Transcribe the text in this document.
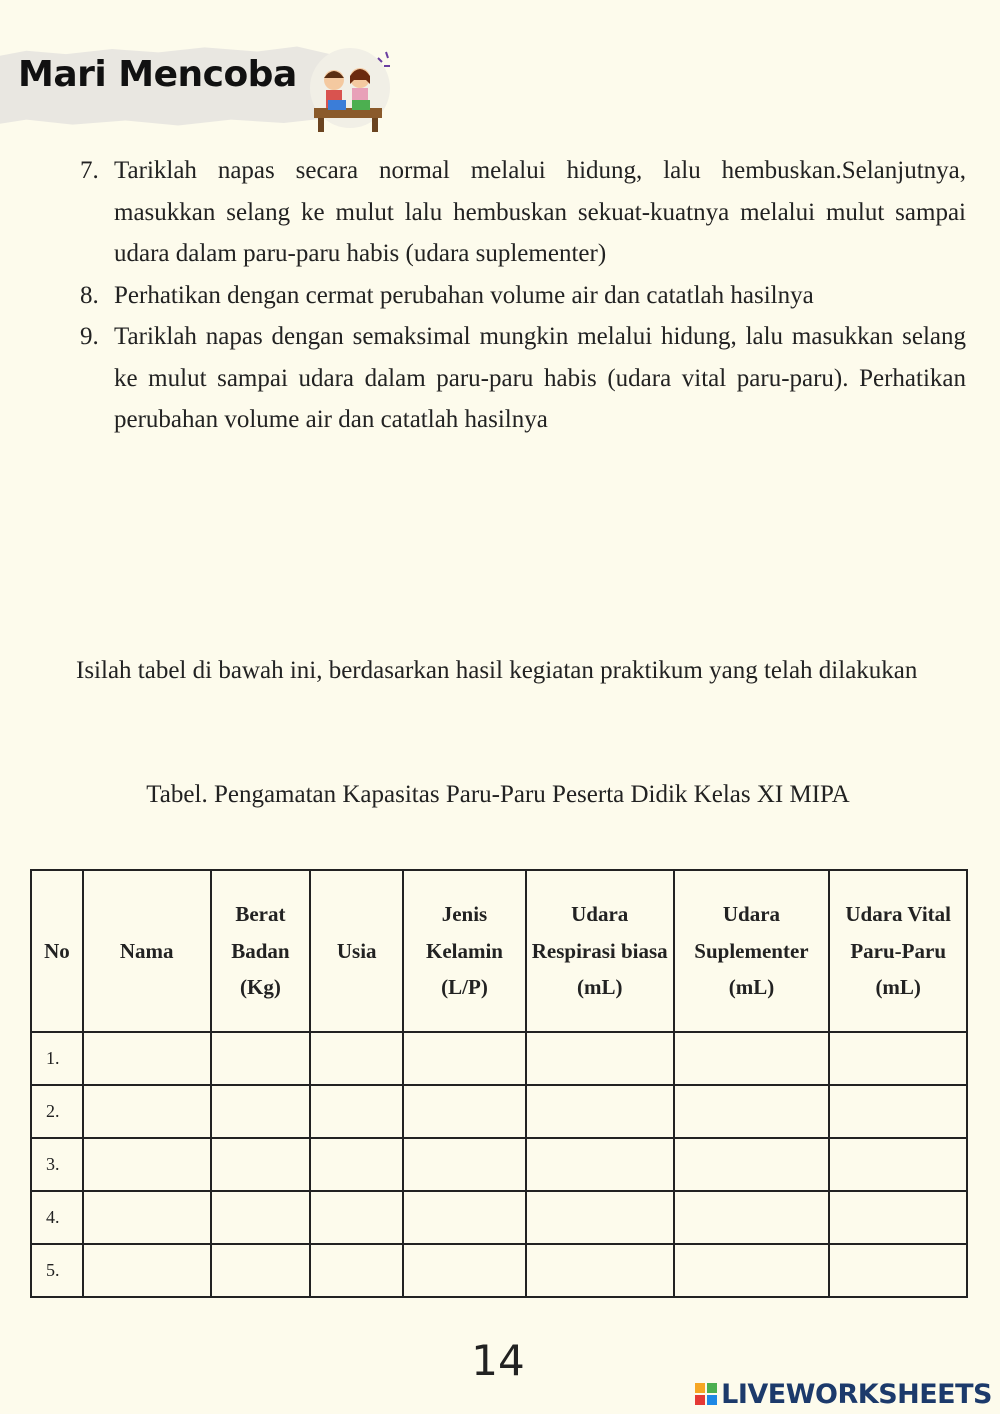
Mari Mencoba
7. Tariklah napas secara normal melalui hidung, lalu hembuskan.Selanjutnya, masukkan selang ke mulut lalu hembuskan sekuat-kuatnya melalui mulut sampai udara dalam paru-paru habis (udara suplementer)
8. Perhatikan dengan cermat perubahan volume air dan catatlah hasilnya
9. Tariklah napas dengan semaksimal mungkin melalui hidung, lalu masukkan selang ke mulut sampai udara dalam paru-paru habis (udara vital paru-paru). Perhatikan perubahan volume air dan catatlah hasilnya
Isilah tabel di bawah ini, berdasarkan hasil kegiatan praktikum yang telah dilakukan
Tabel. Pengamatan Kapasitas Paru-Paru Peserta Didik Kelas XI MIPA
No	Nama	Berat Badan (Kg)	Usia	Jenis Kelamin (L/P)	Udara Respirasi biasa (mL)	Udara Suplementer (mL)	Udara Vital Paru-Paru (mL)
1.							
2.							
3.							
4.							
5.							
14
LIVEWORKSHEETS
